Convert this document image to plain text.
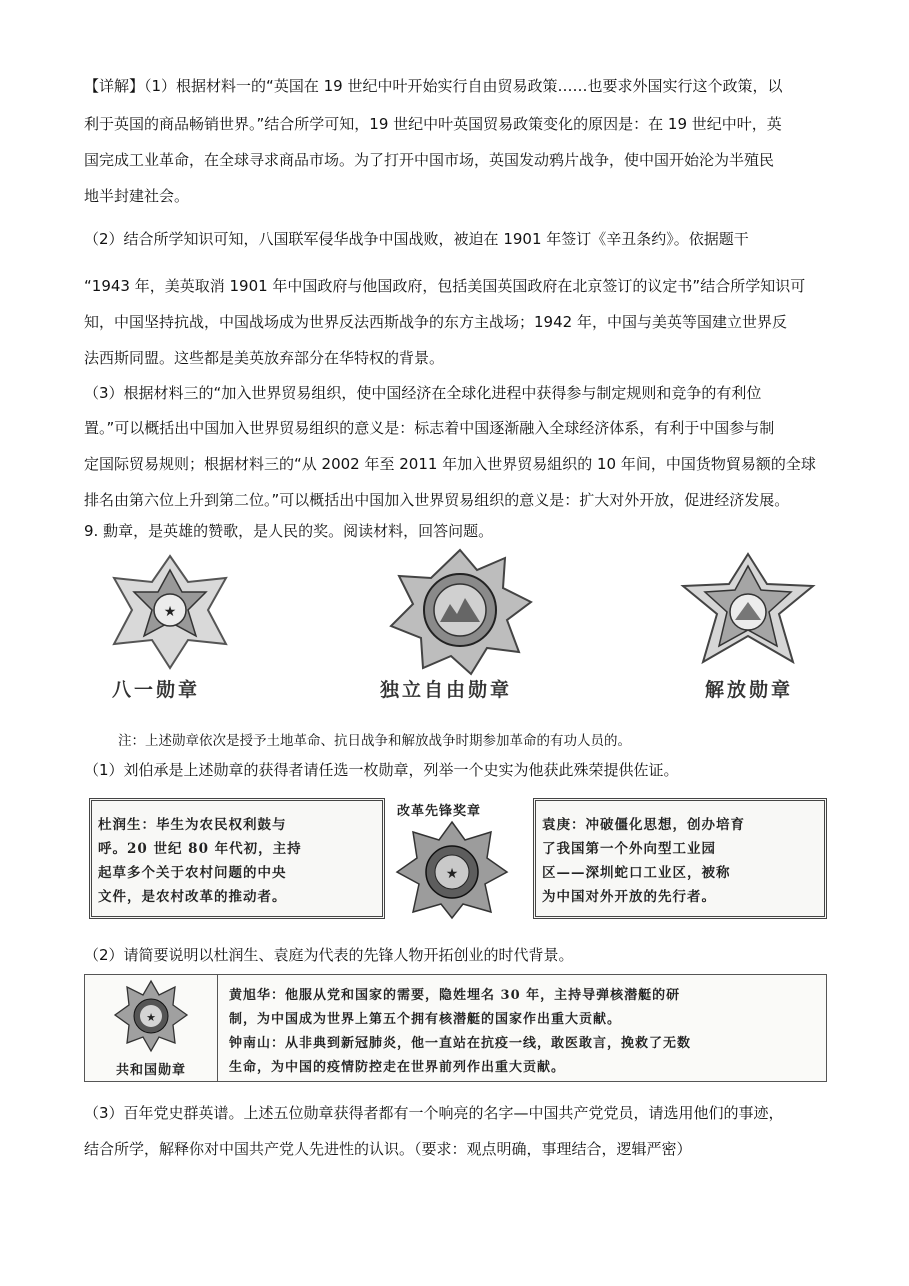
【详解】（1）根据材料一的“英国在 19 世纪中叶开始实行自由贸易政策……也要求外国实行这个政策，以
利于英国的商品畅销世界。”结合所学可知，19 世纪中叶英国贸易政策变化的原因是：在 19 世纪中叶，英
国完成工业革命，在全球寻求商品市场。为了打开中国市场，英国发动鸦片战争，使中国开始沦为半殖民
地半封建社会。
（2）结合所学知识可知，八国联军侵华战争中国战败，被迫在 1901 年签订《辛丑条约》。依据题干
“1943 年，美英取消 1901 年中国政府与他国政府，包括美国英国政府在北京签订的议定书”结合所学知识可
知，中国坚持抗战，中国战场成为世界反法西斯战争的东方主战场；1942 年，中国与美英等国建立世界反
法西斯同盟。这些都是美英放弃部分在华特权的背景。
（3）根据材料三的“加入世界贸易组织，使中国经济在全球化进程中获得参与制定规则和竞争的有利位
置。”可以概括出中国加入世界贸易组织的意义是：标志着中国逐渐融入全球经济体系，有利于中国参与制
定国际贸易规则；根据材料三的“从 2002 年至 2011 年加入世界贸易組织的 10 年间，中国货物貿易额的全球
排名由第六位上升到第二位。”可以概括出中国加入世界贸易组织的意义是：扩大对外开放，促进经济发展。
9. 勳章，是英雄的赞歌，是人民的奖。阅读材料，回答问题。
★
八一勋章	独立自由勋章	解放勋章
注：上述勋章依次是授予土地革命、抗日战争和解放战争时期参加革命的有功人员的。
（1）刘伯承是上述勋章的获得者请任选一枚勋章，列举一个史实为他获此殊荣提供佐证。
杜润生：毕生为农民权利鼓与
呼。20 世纪 80 年代初，主持
起草多个关于农村问题的中央
文件，是农村改革的推动者。
改革先锋奖章
★
袁庚：冲破僵化思想，创办培育
了我国第一个外向型工业园
区——深圳蛇口工业区，被称
为中国对外开放的先行者。
（2）请简要说明以杜润生、袁庭为代表的先锋人物开拓创业的时代背景。
★
共和国勋章
黄旭华：他服从党和国家的需要，隐姓埋名 30 年，主持导弹核潜艇的研
制，为中国成为世界上第五个拥有核潜艇的国家作出重大贡献。
钟南山：从非典到新冠肺炎，他一直站在抗疫一线，敢医敢言，挽救了无数
生命，为中国的疫情防控走在世界前列作出重大贡献。
（3）百年党史群英谱。上述五位勋章获得者都有一个响亮的名字—中国共产党党员，请选用他们的事迹，
结合所学，解释你对中国共产党人先进性的认识。（要求：观点明确，事理结合，逻辑严密）
